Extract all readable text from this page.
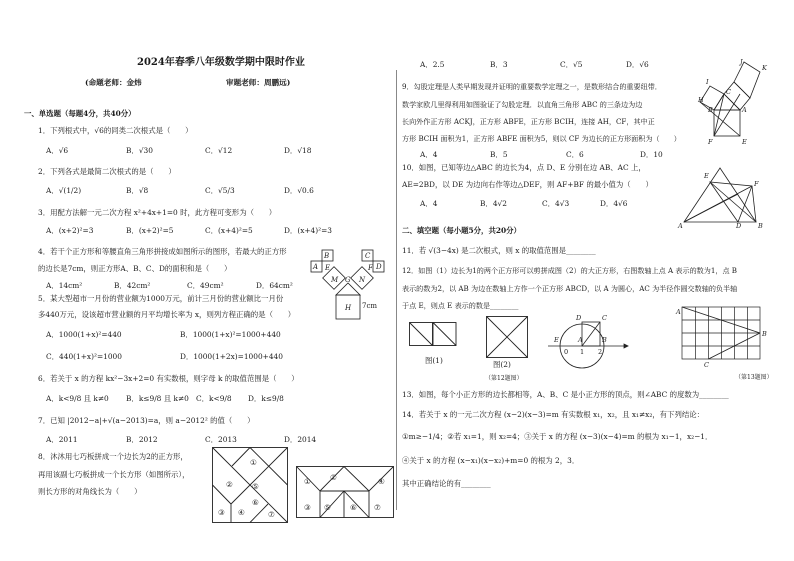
2024年春季八年级数学期中限时作业
(命题老师：金炜	审题老师：周鹏远)
一、单选题（每题4分，共40分）
1．下列根式中，√6的同类二次根式是（　　）
A．√6	B．√30	C．√12	D．√18
2．下列各式是最简二次根式的是（　　）
A．√(1/2)	B．√8	C．√5/3	D．√0.6
3．用配方法解一元二次方程 x²+4x+1=0 时，此方程可变形为（　　）
A．(x+2)²=3	B．(x+2)²=5	C．(x+4)²=5	D．(x+4)²=3
4．若干个正方形和等腰直角三角形拼接成如图所示的图形，若最大的正方形
的边长是7cm，则正方形A、B、C、D的面积和是（　　）
A．14cm²	B．42cm²	C．49cm²	D．64cm²
A
B	C
D
E	F
G
M	N
H 7cm
5．某大型超市一月份的营业额为1000万元，前计三月份的营业额比一月份
多440万元，设该超市营业额的月平均增长率为 x，则列方程正确的是（　　）
A．1000(1+x)²=440	B．1000(1+x)²=1000+440
C．440(1+x)²=1000	D．1000(1+2x)=1000+440
6．若关于 x 的方程 kx²−3x+2=0 有实数根，则字母 k 的取值范围是（　　）
A．k<9/8 且 k≠0 B．k≤9/8 且 k≠0 C．k<9/8 D．k≤9/8
7．已知 |2012−a|+√(a−2013)=a，则 a−2012² 的值（　　）
A．2011	B．2012	C．2013	D．2014
8．沐沐用七巧板拼成一个边长为2的正方形，
再用该副七巧板拼成一个长方形（如图所示），
则长方形的对角线长为（　　）
①
②
③ ④
⑤
⑥
⑦
①	②
③
④
⑤	⑥ ⑦
A．2.5	B．3	C．√5	D．√6
9．勾股定理是人类早期发现并证明的重要数学定理之一，是数形结合的重要纽带．
数学家欧几里得利用如图验证了勾股定理．以直角三角形 ABC 的三条边为边
长向外作正方形 ACKJ，正方形 ABFE，正方形 BCIH，连接 AH，CF，其中正
方形 BCIH 面积为1，正方形 ABFE 面积为5，则以 CF 为边长的正方形面积为（　　）
A．4	B．5	C．6	D．10
K
J
I
C
H
A
B
F	E
10．如图，已知等边△ABC 的边长为4，点 D、E 分别在边 AB、AC 上，
AE=2BD，以 DE 为边向右作等边△DEF，则 AF+BF 的最小值为（　　）
A．4	B．4√2	C．4√3	D．4√6
E
F
A	D	B
二、填空题（每小题5分，共20分）
11．若 √(3−4x) 是二次根式，则 x 的取值范围是________
12．如图（1）边长为1的两个正方形可以剪拼成图（2）的大正方形，右图数轴上点 A 表示的数为1，点 B
表示的数为2，以 AB 为边在数轴上方作一个正方形 ABCD，以 A 为圆心，AC 为半径作圆交数轴的负半轴
于点 E，则点 E 表示的数是________
图(1)	图(2)
（第12题图）
E
D	C
A	B
0 1 2
A
B
C
（第13题图）
13．如图，每个小正方形的边长都相等，A、B、C 是小正方形的顶点，则∠ABC 的度数为________
14．若关于 x 的一元二次方程 (x−2)(x−3)=m 有实数根 x₁，x₂，且 x₁≠x₂，有下列结论：
①m≥−1/4；②若 x₁=1，则 x₂=4；③关于 x 的方程 (x−3)(x−4)=m 的根为 x₁−1，x₂−1．
④关于 x 的方程 (x−x₁)(x−x₂)+m=0 的根为 2，3．
其中正确结论的有________
